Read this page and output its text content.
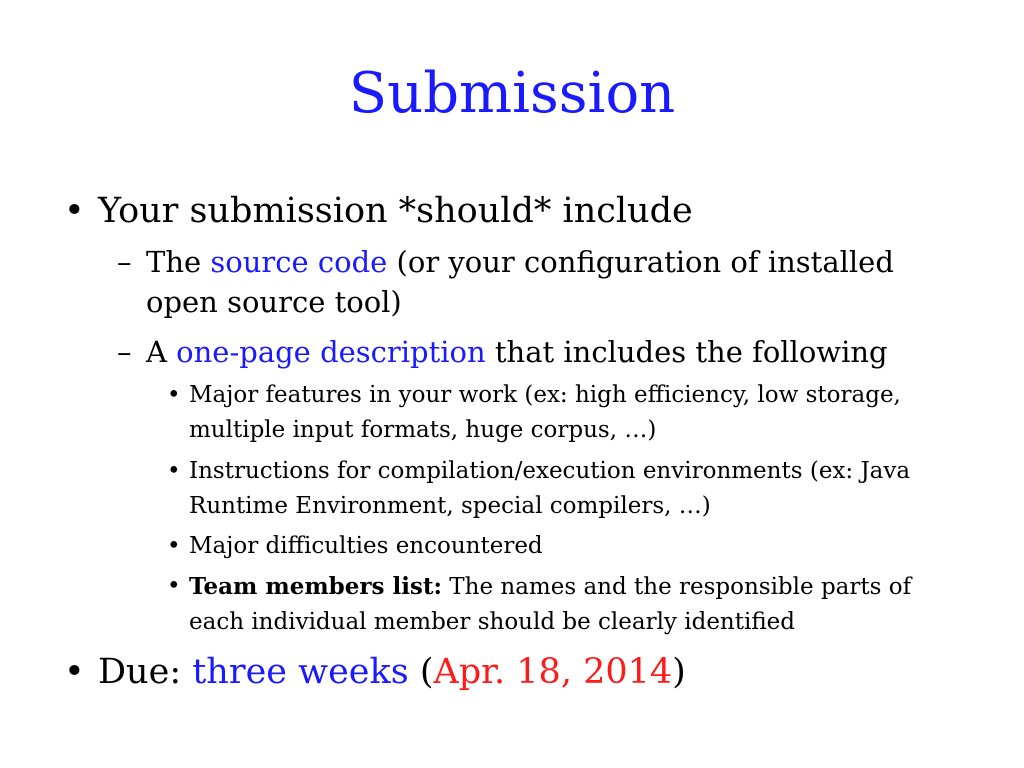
Submission
• Your submission *should* include
– The source code (or your configuration of installed open source tool)
– A one-page description that includes the following
• Major features in your work (ex: high efficiency, low storage, multiple input formats, huge corpus, …)
• Instructions for compilation/execution environments (ex: Java Runtime Environment, special compilers, …)
• Major difficulties encountered
• Team members list: The names and the responsible parts of each individual member should be clearly identified
• Due: three weeks (Apr. 18, 2014)
